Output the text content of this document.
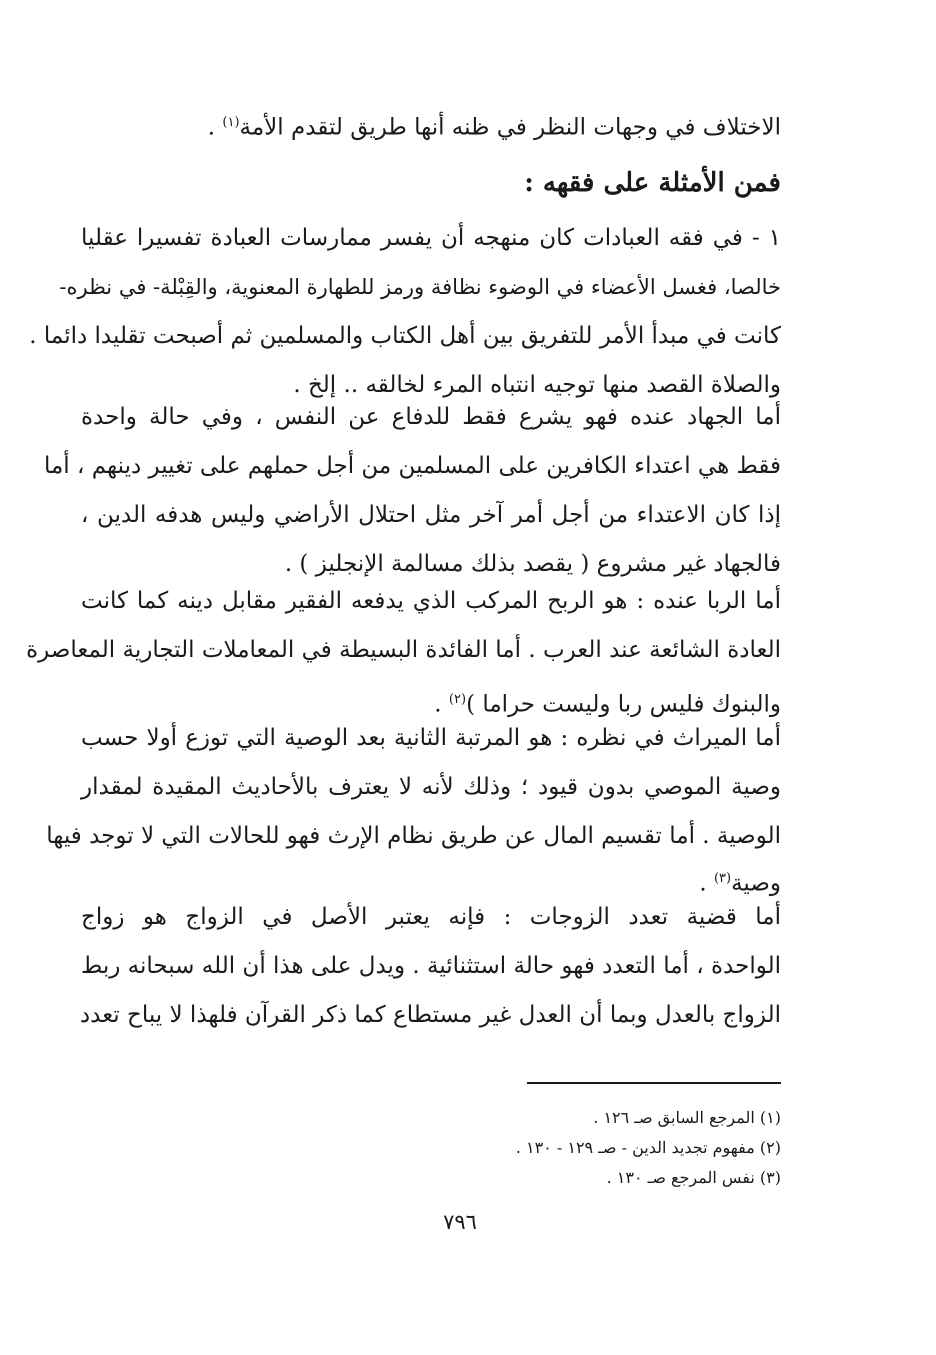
الاختلاف في وجهات النظر في ظنه أنها طريق لتقدم الأمة$^{(١)}$ .
فمن الأمثلة على فقهه :
١ - في فقه العبادات كان منهجه أن يفسر ممارسات العبادة تفسيرا عقليا
خالصا، فغسل الأعضاء في الوضوء نظافة ورمز للطهارة المعنوية، والقِبْلة- في نظره-
كانت في مبدأ الأمر للتفريق بين أهل الكتاب والمسلمين ثم أصبحت تقليدا دائما .
والصلاة القصد منها توجيه انتباه المرء لخالقه .. إلخ .
أما الجهاد عنده فهو يشرع فقط للدفاع عن النفس ، وفي حالة واحدة
فقط هي اعتداء الكافرين على المسلمين من أجل حملهم على تغيير دينهم ، أما
إذا كان الاعتداء من أجل أمر آخر مثل احتلال الأراضي وليس هدفه الدين ،
فالجهاد غير مشروع ( يقصد بذلك مسالمة الإنجليز ) .
أما الربا عنده : هو الربح المركب الذي يدفعه الفقير مقابل دينه كما كانت
العادة الشائعة عند العرب . أما الفائدة البسيطة في المعاملات التجارية المعاصرة
والبنوك فليس ربا وليست حراما )$^{(٢)}$ .
أما الميراث في نظره : هو المرتبة الثانية بعد الوصية التي توزع أولا حسب
وصية الموصي بدون قيود ؛ وذلك لأنه لا يعترف بالأحاديث المقيدة لمقدار
الوصية . أما تقسيم المال عن طريق نظام الإرث فهو للحالات التي لا توجد فيها
وصية$^{(٣)}$ .
أما قضية تعدد الزوجات : فإنه يعتبر الأصل في الزواج هو زواج
الواحدة ، أما التعدد فهو حالة استثنائية . ويدل على هذا أن الله سبحانه ربط
الزواج بالعدل وبما أن العدل غير مستطاع كما ذكر القرآن فلهذا لا يباح تعدد
(١) المرجع السابق صـ ١٢٦ .
(٢) مفهوم تجديد الدين - صـ ١٢٩ - ١٣٠ .
(٣) نفس المرجع صـ ١٣٠ .
٧٩٦
